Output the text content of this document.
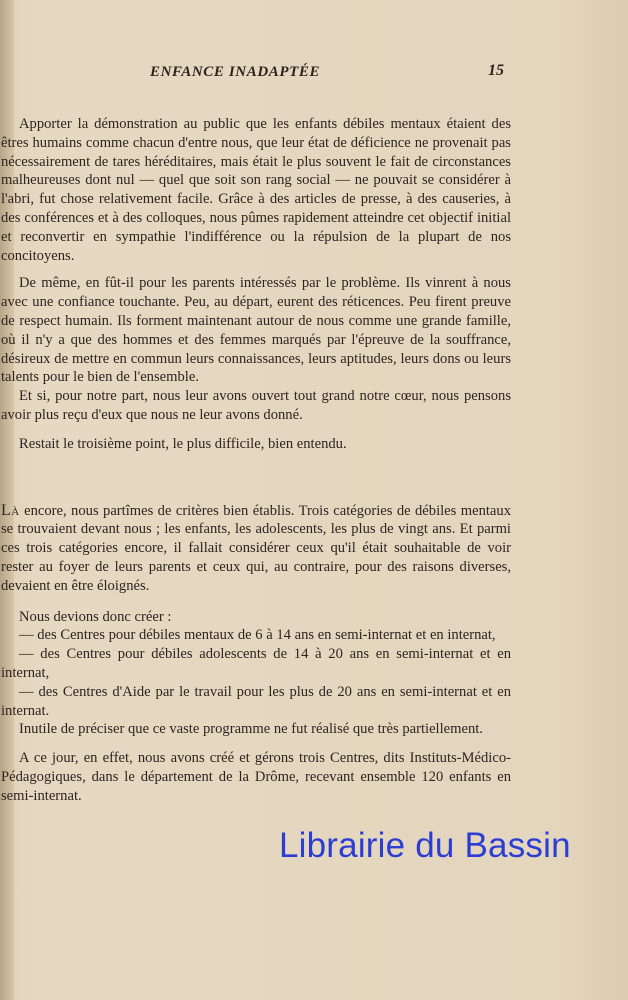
ENFANCE INADAPTÉE	15

Apporter la démonstration au public que les enfants débiles mentaux étaient des êtres humains comme chacun d'entre nous, que leur état de déficience ne provenait pas nécessairement de tares héréditaires, mais était le plus souvent le fait de circonstances malheureuses dont nul — quel que soit son rang social — ne pouvait se considérer à l'abri, fut chose relativement facile. Grâce à des articles de presse, à des causeries, à des conférences et à des colloques, nous pûmes rapidement atteindre cet objectif initial et reconvertir en sympathie l'indifférence ou la répulsion de la plupart de nos concitoyens.

De même, en fût-il pour les parents intéressés par le problème. Ils vinrent à nous avec une confiance touchante. Peu, au départ, eurent des réticences. Peu firent preuve de respect humain. Ils forment maintenant autour de nous comme une grande famille, où il n'y a que des hommes et des femmes marqués par l'épreuve de la souffrance, désireux de mettre en commun leurs connaissances, leurs aptitudes, leurs dons ou leurs talents pour le bien de l'ensemble.

Et si, pour notre part, nous leur avons ouvert tout grand notre cœur, nous pensons avoir plus reçu d'eux que nous ne leur avons donné.

Restait le troisième point, le plus difficile, bien entendu.

Là encore, nous partîmes de critères bien établis. Trois catégories de débiles mentaux se trouvaient devant nous ; les enfants, les adolescents, les plus de vingt ans. Et parmi ces trois catégories encore, il fallait considérer ceux qu'il était souhaitable de voir rester au foyer de leurs parents et ceux qui, au contraire, pour des raisons diverses, devaient en être éloignés.

Nous devions donc créer :

— des Centres pour débiles mentaux de 6 à 14 ans en semi-internat et en internat,

— des Centres pour débiles adolescents de 14 à 20 ans en semi-internat et en internat,

— des Centres d'Aide par le travail pour les plus de 20 ans en semi-internat et en internat.

Inutile de préciser que ce vaste programme ne fut réalisé que très partiellement.

A ce jour, en effet, nous avons créé et gérons trois Centres, dits Instituts-Médico-Pédagogiques, dans le département de la Drôme, recevant ensemble 120 enfants en semi-internat.

Librairie du Bassin
